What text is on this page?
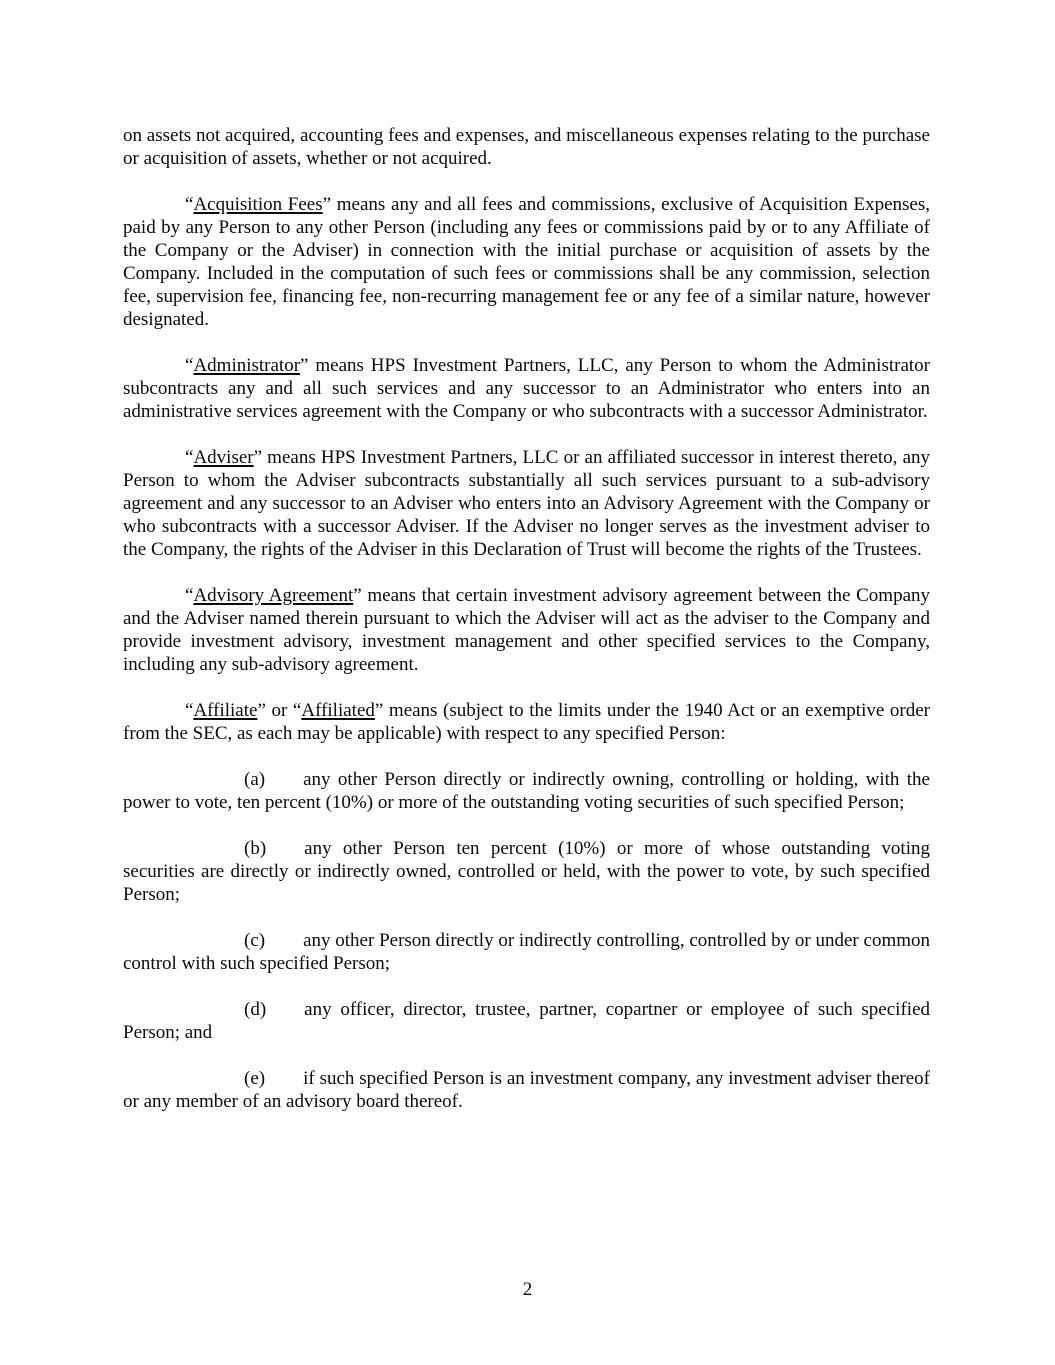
on assets not acquired, accounting fees and expenses, and miscellaneous expenses relating to the purchase or acquisition of assets, whether or not acquired.

“Acquisition Fees” means any and all fees and commissions, exclusive of Acquisition Expenses, paid by any Person to any other Person (including any fees or commissions paid by or to any Affiliate of the Company or the Adviser) in connection with the initial purchase or acquisition of assets by the Company. Included in the computation of such fees or commissions shall be any commission, selection fee, supervision fee, financing fee, non-recurring management fee or any fee of a similar nature, however designated.

“Administrator” means HPS Investment Partners, LLC, any Person to whom the Administrator subcontracts any and all such services and any successor to an Administrator who enters into an administrative services agreement with the Company or who subcontracts with a successor Administrator.

“Adviser” means HPS Investment Partners, LLC or an affiliated successor in interest thereto, any Person to whom the Adviser subcontracts substantially all such services pursuant to a sub-advisory agreement and any successor to an Adviser who enters into an Advisory Agreement with the Company or who subcontracts with a successor Adviser. If the Adviser no longer serves as the investment adviser to the Company, the rights of the Adviser in this Declaration of Trust will become the rights of the Trustees.

“Advisory Agreement” means that certain investment advisory agreement between the Company and the Adviser named therein pursuant to which the Adviser will act as the adviser to the Company and provide investment advisory, investment management and other specified services to the Company, including any sub-advisory agreement.

“Affiliate” or “Affiliated” means (subject to the limits under the 1940 Act or an exemptive order from the SEC, as each may be applicable) with respect to any specified Person:

(a) any other Person directly or indirectly owning, controlling or holding, with the power to vote, ten percent (10%) or more of the outstanding voting securities of such specified Person;

(b) any other Person ten percent (10%) or more of whose outstanding voting securities are directly or indirectly owned, controlled or held, with the power to vote, by such specified Person;

(c) any other Person directly or indirectly controlling, controlled by or under common control with such specified Person;

(d) any officer, director, trustee, partner, copartner or employee of such specified Person; and

(e) if such specified Person is an investment company, any investment adviser thereof or any member of an advisory board thereof.

2
